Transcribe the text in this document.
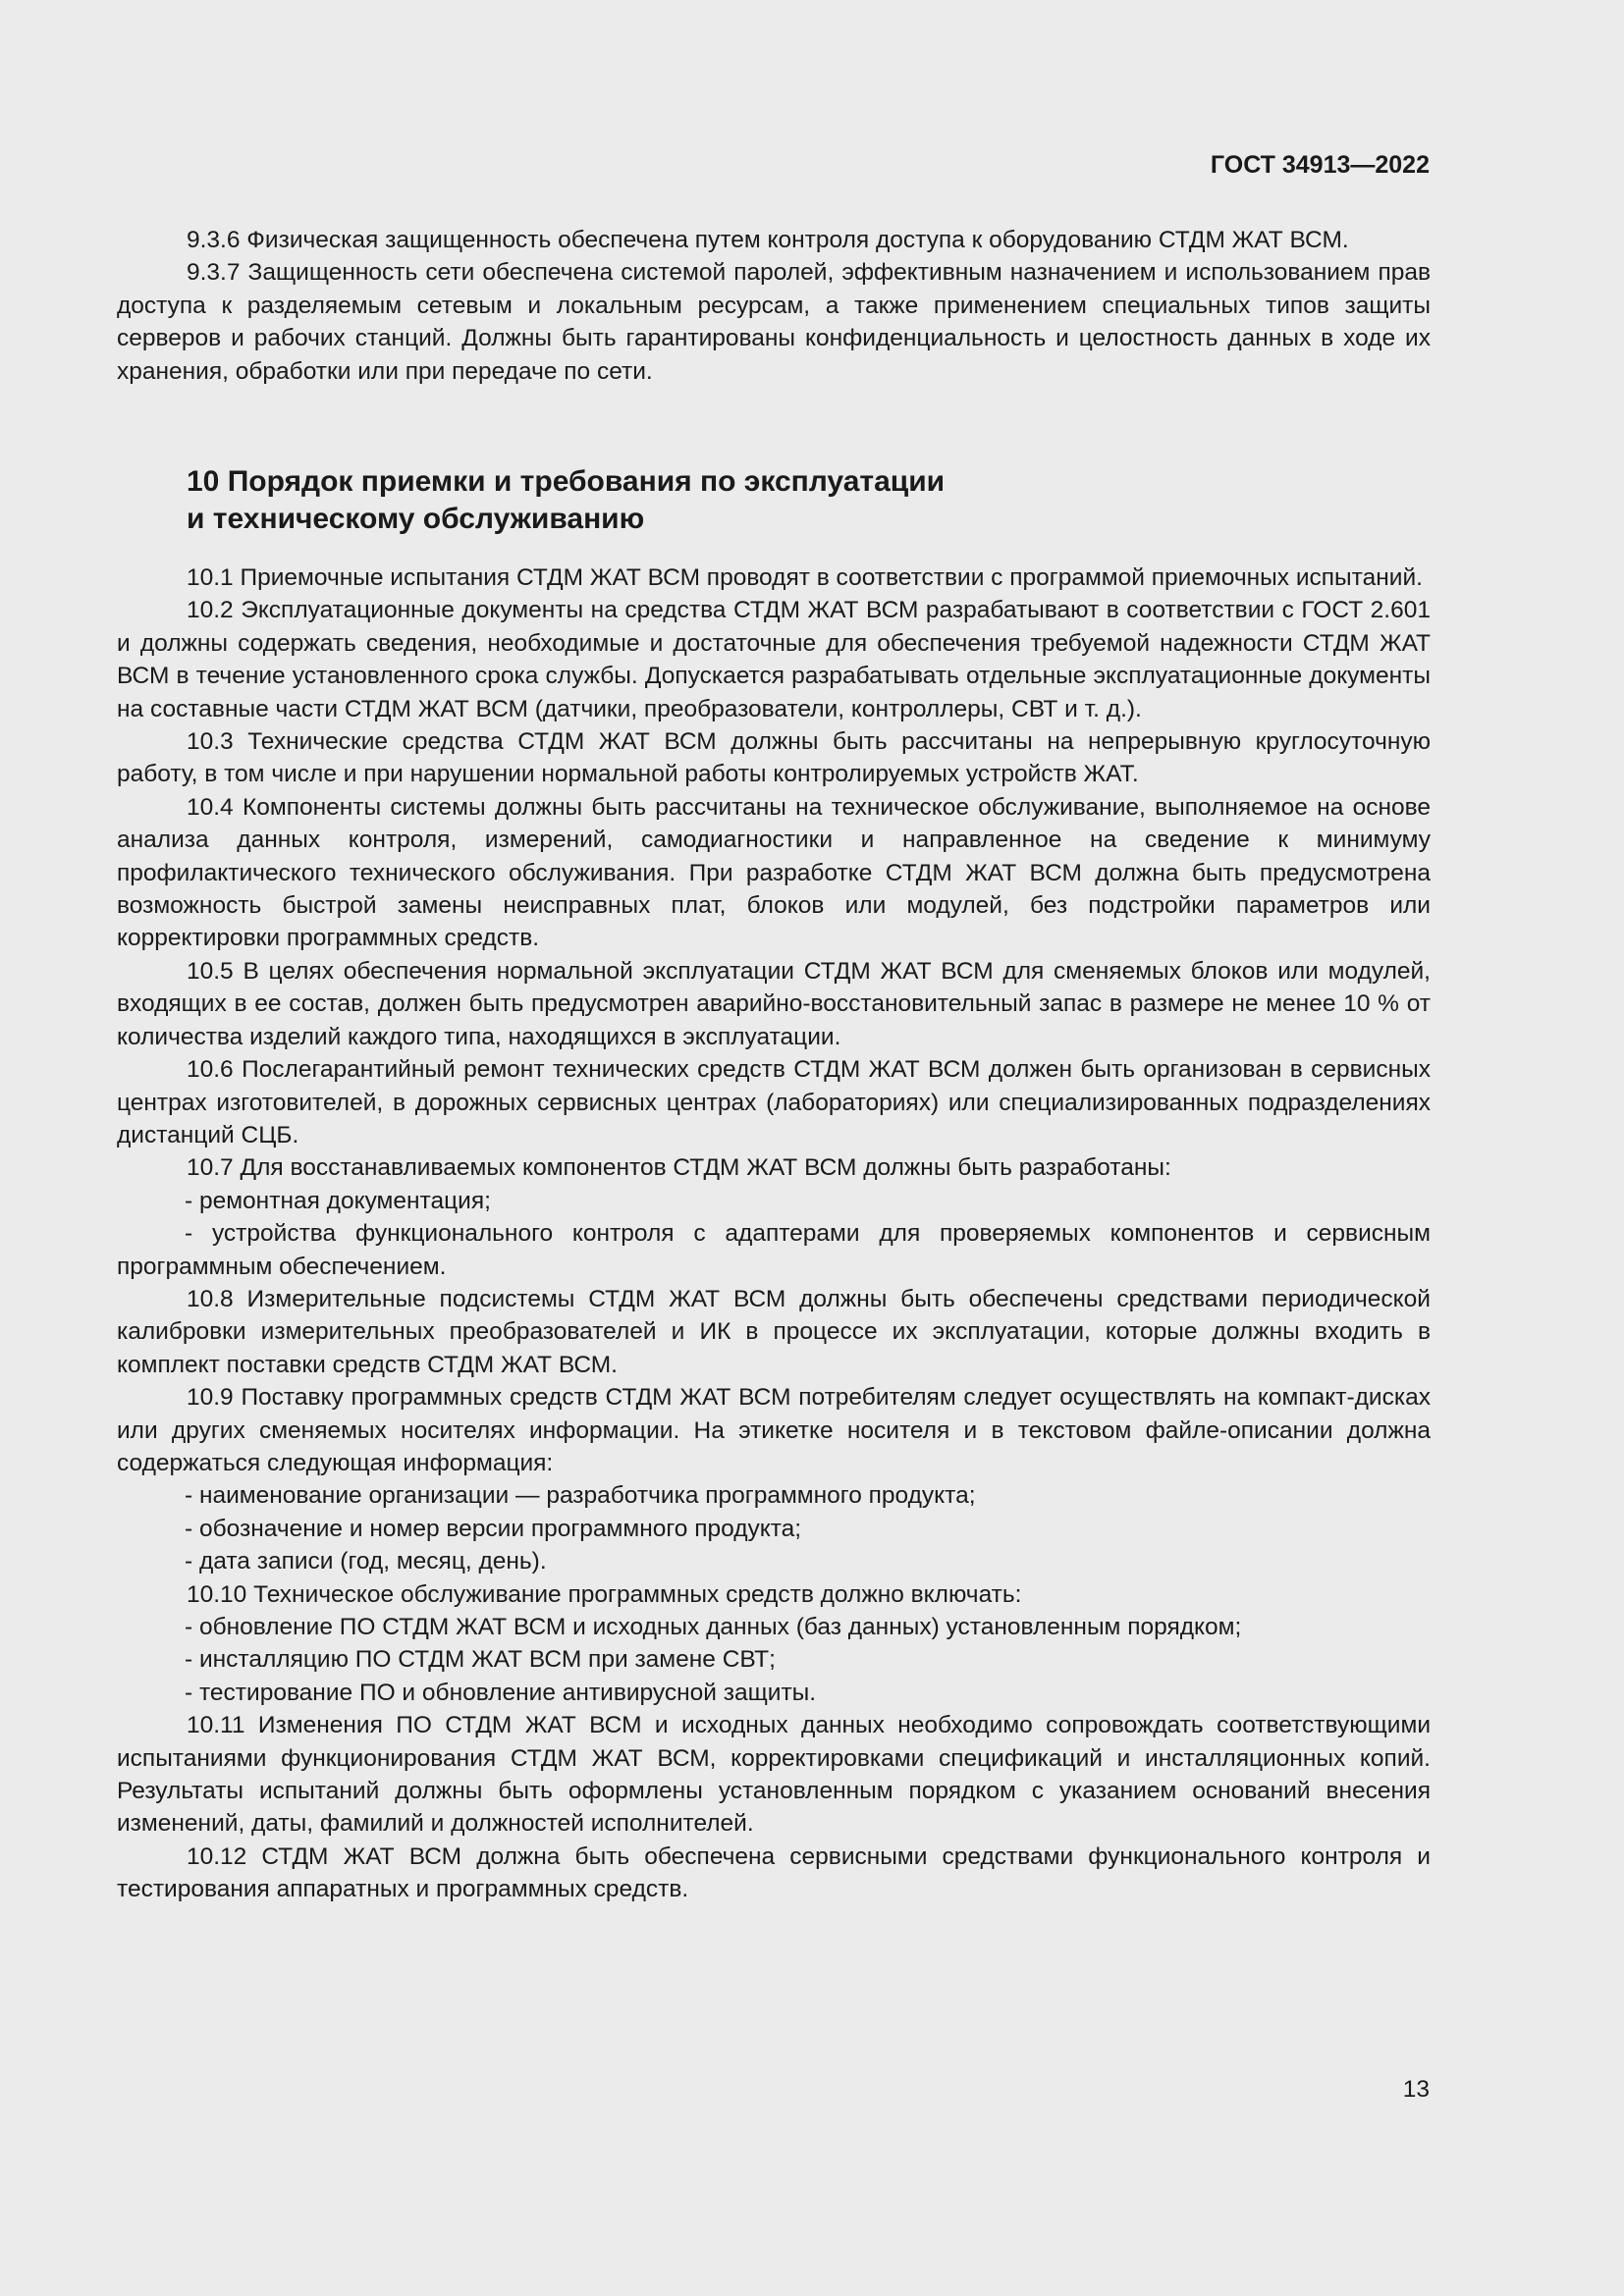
ГОСТ 34913—2022

9.3.6 Физическая защищенность обеспечена путем контроля доступа к оборудованию СТДМ ЖАТ ВСМ.

9.3.7 Защищенность сети обеспечена системой паролей, эффективным назначением и использованием прав доступа к разделяемым сетевым и локальным ресурсам, а также применением специальных типов защиты серверов и рабочих станций. Должны быть гарантированы конфиденциальность и целостность данных в ходе их хранения, обработки или при передаче по сети.

10 Порядок приемки и требования по эксплуатации
и техническому обслуживанию

10.1 Приемочные испытания СТДМ ЖАТ ВСМ проводят в соответствии с программой приемочных испытаний.

10.2 Эксплуатационные документы на средства СТДМ ЖАТ ВСМ разрабатывают в соответствии с ГОСТ 2.601 и должны содержать сведения, необходимые и достаточные для обеспечения требуемой надежности СТДМ ЖАТ ВСМ в течение установленного срока службы. Допускается разрабатывать отдельные эксплуатационные документы на составные части СТДМ ЖАТ ВСМ (датчики, преобразователи, контроллеры, СВТ и т. д.).

10.3 Технические средства СТДМ ЖАТ ВСМ должны быть рассчитаны на непрерывную круглосуточную работу, в том числе и при нарушении нормальной работы контролируемых устройств ЖАТ.

10.4 Компоненты системы должны быть рассчитаны на техническое обслуживание, выполняемое на основе анализа данных контроля, измерений, самодиагностики и направленное на сведение к минимуму профилактического технического обслуживания. При разработке СТДМ ЖАТ ВСМ должна быть предусмотрена возможность быстрой замены неисправных плат, блоков или модулей, без подстройки параметров или корректировки программных средств.

10.5 В целях обеспечения нормальной эксплуатации СТДМ ЖАТ ВСМ для сменяемых блоков или модулей, входящих в ее состав, должен быть предусмотрен аварийно-восстановительный запас в размере не менее 10 % от количества изделий каждого типа, находящихся в эксплуатации.

10.6 Послегарантийный ремонт технических средств СТДМ ЖАТ ВСМ должен быть организован в сервисных центрах изготовителей, в дорожных сервисных центрах (лабораториях) или специализированных подразделениях дистанций СЦБ.

10.7 Для восстанавливаемых компонентов СТДМ ЖАТ ВСМ должны быть разработаны:

- ремонтная документация;

- устройства функционального контроля с адаптерами для проверяемых компонентов и сервисным программным обеспечением.

10.8 Измерительные подсистемы СТДМ ЖАТ ВСМ должны быть обеспечены средствами периодической калибровки измерительных преобразователей и ИК в процессе их эксплуатации, которые должны входить в комплект поставки средств СТДМ ЖАТ ВСМ.

10.9 Поставку программных средств СТДМ ЖАТ ВСМ потребителям следует осуществлять на компакт-дисках или других сменяемых носителях информации. На этикетке носителя и в текстовом файле-описании должна содержаться следующая информация:

- наименование организации — разработчика программного продукта;

- обозначение и номер версии программного продукта;

- дата записи (год, месяц, день).

10.10 Техническое обслуживание программных средств должно включать:

- обновление ПО СТДМ ЖАТ ВСМ и исходных данных (баз данных) установленным порядком;

- инсталляцию ПО СТДМ ЖАТ ВСМ при замене СВТ;

- тестирование ПО и обновление антивирусной защиты.

10.11 Изменения ПО СТДМ ЖАТ ВСМ и исходных данных необходимо сопровождать соответствующими испытаниями функционирования СТДМ ЖАТ ВСМ, корректировками спецификаций и инсталляционных копий. Результаты испытаний должны быть оформлены установленным порядком с указанием оснований внесения изменений, даты, фамилий и должностей исполнителей.

10.12 СТДМ ЖАТ ВСМ должна быть обеспечена сервисными средствами функционального контроля и тестирования аппаратных и программных средств.

13
